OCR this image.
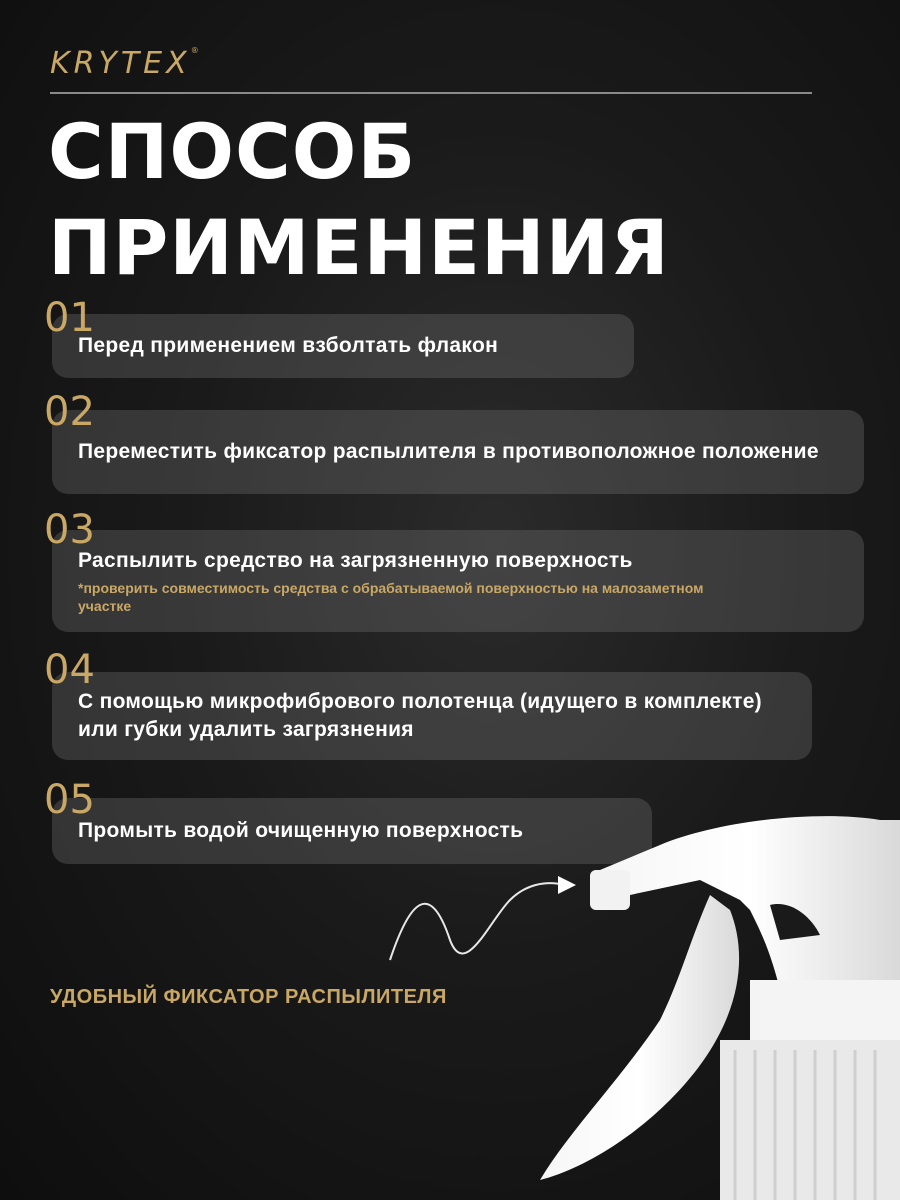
KRYTEX®
СПОСОБ
ПРИМЕНЕНИЯ
01
Перед применением взболтать флакон
02
Переместить фиксатор распылителя в противоположное положение
03
Распылить средство на загрязненную поверхность
*проверить совместимость средства с обрабатываемой поверхностью на малозаметном участке
04
С помощью микрофибрового полотенца (идущего в комплекте) или губки удалить загрязнения
05
Промыть водой очищенную поверхность
УДОБНЫЙ ФИКСАТОР РАСПЫЛИТЕЛЯ
